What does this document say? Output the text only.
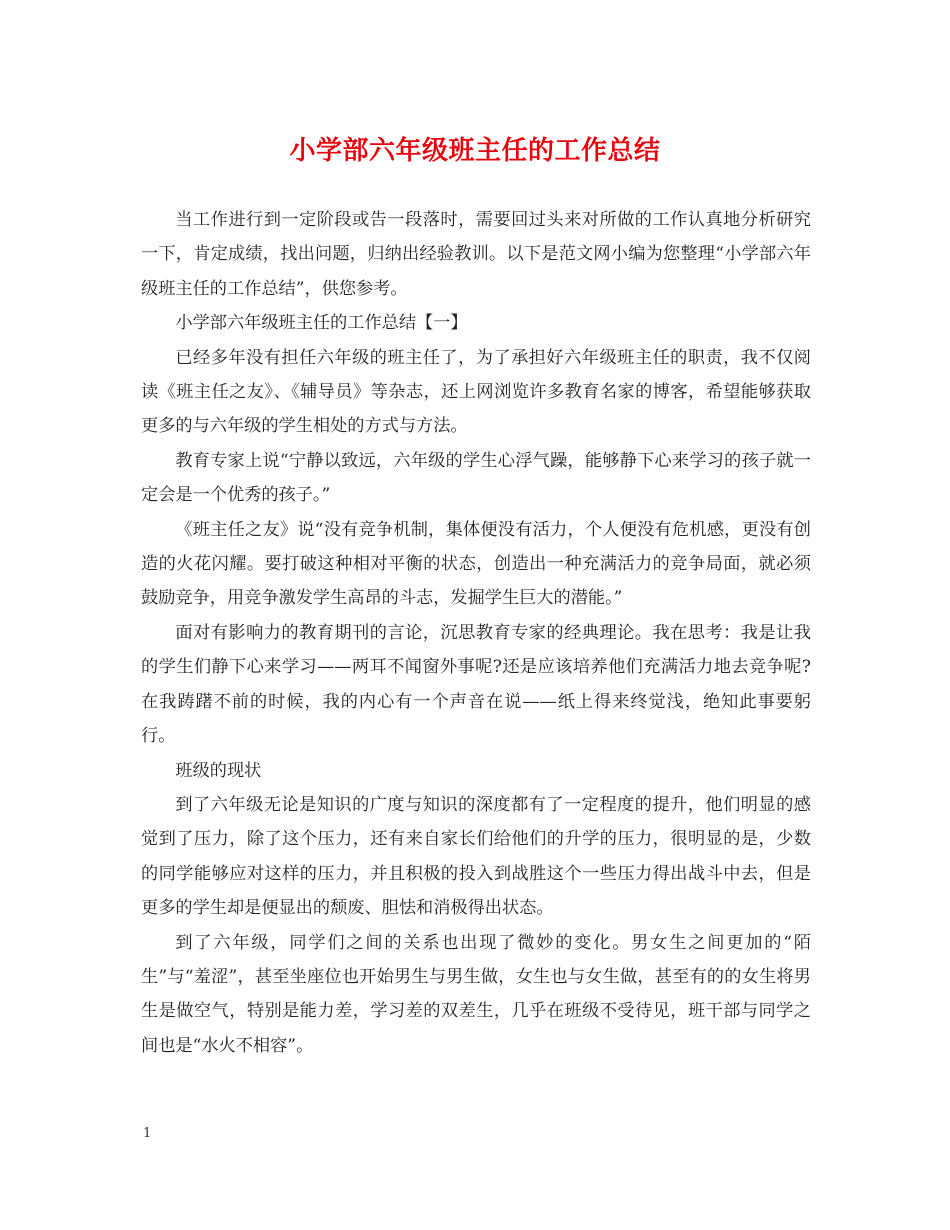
小学部六年级班主任的工作总结

当工作进行到一定阶段或告一段落时，需要回过头来对所做的工作认真地分析研究一下，肯定成绩，找出问题，归纳出经验教训。以下是范文网小编为您整理“小学部六年级班主任的工作总结”，供您参考。

小学部六年级班主任的工作总结【一】

已经多年没有担任六年级的班主任了，为了承担好六年级班主任的职责，我不仅阅读《班主任之友》、《辅导员》等杂志，还上网浏览许多教育名家的博客，希望能够获取更多的与六年级的学生相处的方式与方法。

教育专家上说“宁静以致远，六年级的学生心浮气躁，能够静下心来学习的孩子就一定会是一个优秀的孩子。”

《班主任之友》说“没有竞争机制，集体便没有活力，个人便没有危机感，更没有创造的火花闪耀。要打破这种相对平衡的状态，创造出一种充满活力的竞争局面，就必须鼓励竞争，用竞争激发学生高昂的斗志，发掘学生巨大的潜能。”

面对有影响力的教育期刊的言论，沉思教育专家的经典理论。我在思考：我是让我的学生们静下心来学习——两耳不闻窗外事呢?还是应该培养他们充满活力地去竞争呢?在我踌躇不前的时候，我的内心有一个声音在说——纸上得来终觉浅，绝知此事要躬行。

班级的现状

到了六年级无论是知识的广度与知识的深度都有了一定程度的提升，他们明显的感觉到了压力，除了这个压力，还有来自家长们给他们的升学的压力，很明显的是，少数的同学能够应对这样的压力，并且积极的投入到战胜这个一些压力得出战斗中去，但是更多的学生却是便显出的颓废、胆怯和消极得出状态。

到了六年级，同学们之间的关系也出现了微妙的变化。男女生之间更加的“陌生”与“羞涩”，甚至坐座位也开始男生与男生做，女生也与女生做，甚至有的的女生将男生是做空气，特别是能力差，学习差的双差生，几乎在班级不受待见，班干部与同学之间也是“水火不相容”。

1
